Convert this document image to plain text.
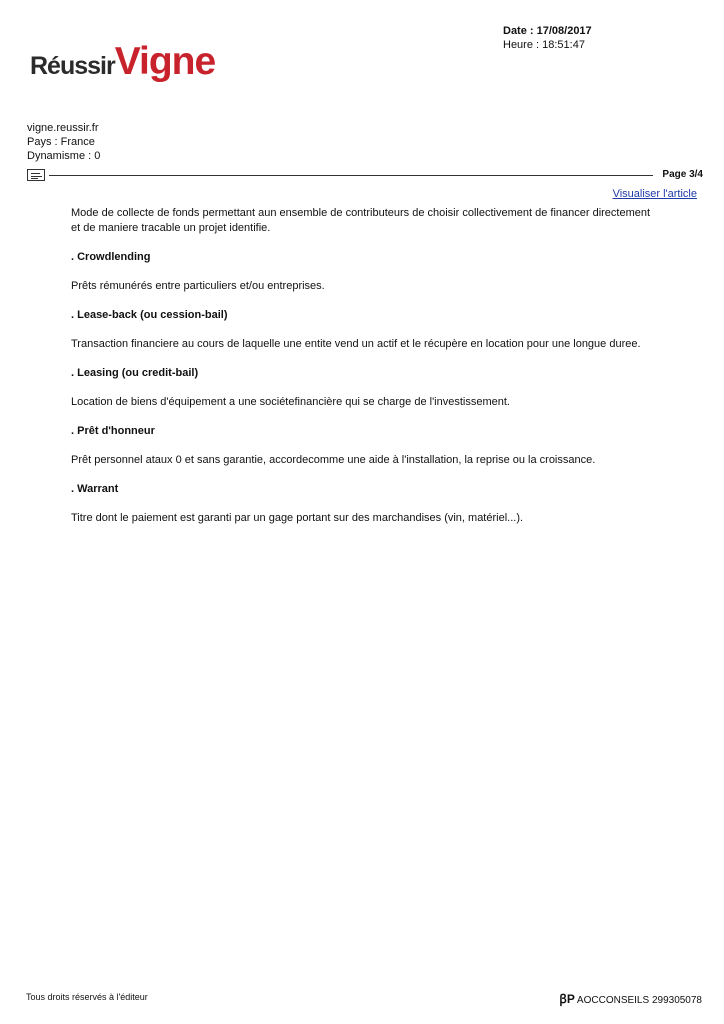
RéussirVigne
Date : 17/08/2017
Heure : 18:51:47
vigne.reussir.fr
Pays : France
Dynamisme : 0
Page 3/4
Visualiser l'article
Mode de collecte de fonds permettant aun ensemble de contributeurs de choisir collectivement de financer directement et de maniere tracable un projet identifie.
. Crowdlending
Prêts rémunérés entre particuliers et/ou entreprises.
. Lease-back (ou cession-bail)
Transaction financiere au cours de laquelle une entite vend un actif et le récupère en location pour une longue duree.
. Leasing (ou credit-bail)
Location de biens d'équipement a une sociétefinancière qui se charge de l'investissement.
. Prêt d'honneur
Prêt personnel ataux 0 et sans garantie, accordecomme une aide à l'installation, la reprise ou la croissance.
. Warrant
Titre dont le paiement est garanti par un gage portant sur des marchandises (vin, matériel...).
Tous droits réservés à l'éditeur	ꞵP AOCCONSEILS 299305078
